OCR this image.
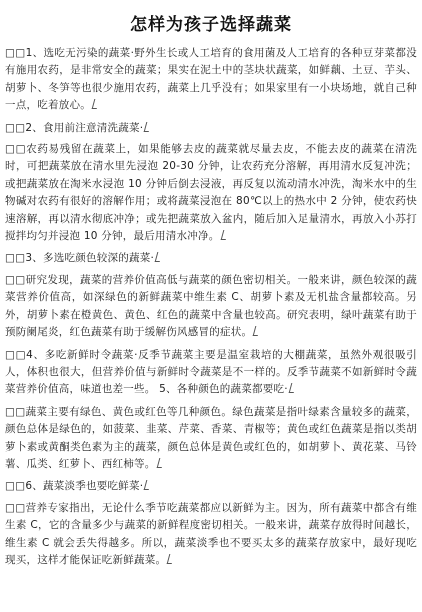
怎样为孩子选择蔬菜
□□1、选吃无污染的蔬菜·野外生长或人工培育的食用菌及人工培育的各种豆芽菜都没有施用农药，是非常安全的蔬菜；果实在泥土中的茎块状蔬菜，如鲜藕、土豆、芋头、胡萝卜、冬笋等也很少施用农药，蔬菜上几乎没有；如果家里有一小块场地，就自己种一点，吃着放心。
□□2、食用前注意清洗蔬菜·
□□农药易残留在蔬菜上，如果能够去皮的蔬菜就尽量去皮，不能去皮的蔬菜在清洗时，可把蔬菜放在清水里先浸泡 20-30 分钟，让农药充分溶解，再用清水反复冲洗；或把蔬菜放在淘米水浸泡 10 分钟后倒去浸液，再反复以流动清水冲洗，淘米水中的生物碱对农药有很好的溶解作用；或将蔬菜浸泡在 80℃以上的热水中 2 分钟，使农药快速溶解，再以清水彻底冲净；或先把蔬菜放入盆内，随后加入足量清水，再放入小苏打搅拌均匀并浸泡 10 分钟，最后用清水冲净。
□□3、多选吃颜色较深的蔬菜·
□□研究发现，蔬菜的营养价值高低与蔬菜的颜色密切相关。一般来讲，颜色较深的蔬菜营养价值高，如深绿色的新鲜蔬菜中维生素 C、胡萝卜素及无机盐含量都较高。另外，胡萝卜素在橙黄色、黄色、红色的蔬菜中含量也较高。研究表明，绿叶蔬菜有助于预防阑尾炎，红色蔬菜有助于缓解伤风感冒的症状。
□□4、多吃新鲜时令蔬菜·反季节蔬菜主要是温室栽培的大棚蔬菜，虽然外观很吸引人，体积也很大，但营养价值与新鲜时令蔬菜是不一样的。反季节蔬菜不如新鲜时令蔬菜营养价值高，味道也差一些。 5、各种颜色的蔬菜都要吃·
□□蔬菜主要有绿色、黄色或红色等几种颜色。绿色蔬菜是指叶绿素含量较多的蔬菜，颜色总体是绿色的，如菠菜、韭菜、芹菜、香菜、青椒等；黄色或红色蔬菜是指以类胡萝卜素或黄酮类色素为主的蔬菜，颜色总体是黄色或红色的，如胡萝卜、黄花菜、马铃薯、瓜类、红萝卜、西红柿等。
□□6、蔬菜淡季也要吃鲜菜·
□□营养专家指出，无论什么季节吃蔬菜都应以新鲜为主。因为，所有蔬菜中都含有维生素 C，它的含量多少与蔬菜的新鲜程度密切相关。一般来讲，蔬菜存放得时间越长，维生素 C 就会丢失得越多。所以，蔬菜淡季也不要买太多的蔬菜存放家中，最好现吃现买，这样才能保证吃新鲜蔬菜。
